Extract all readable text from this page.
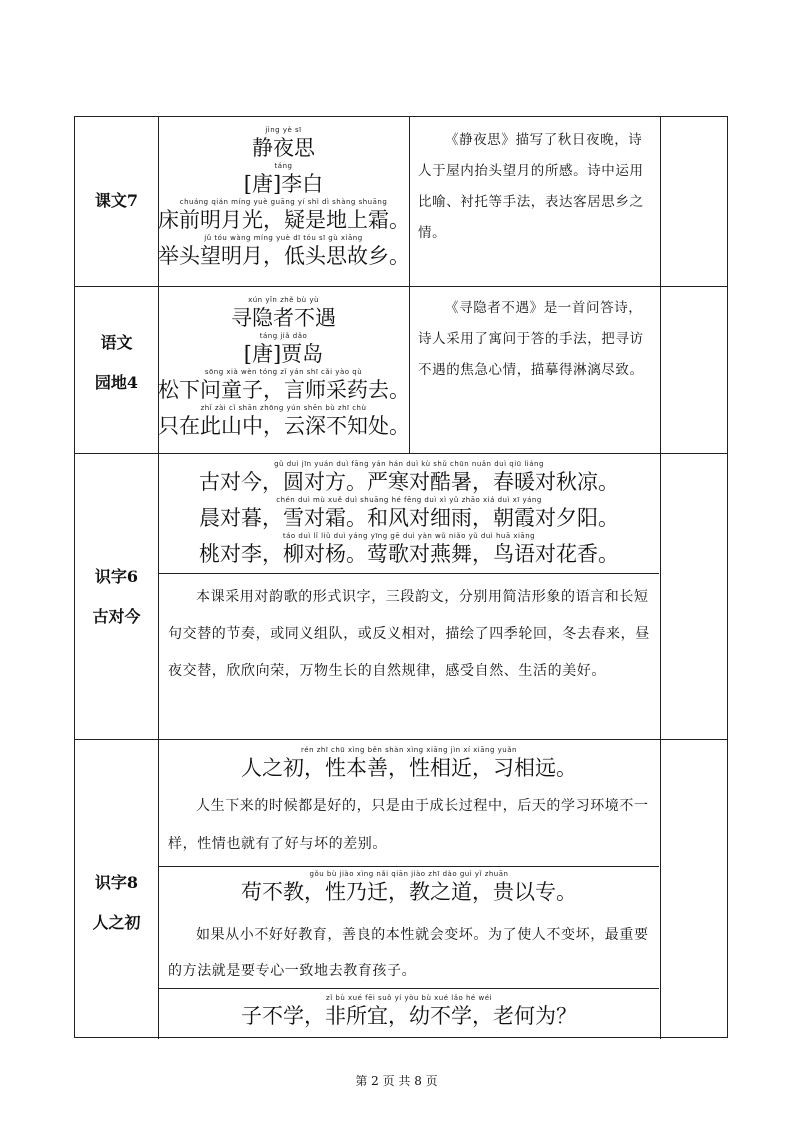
课文7
jìng yè sī
静夜思
táng
[唐]李白
chuáng qián míng yuè guāng yí shì dì shàng shuāng
床前明月光，疑是地上霜。
jǔ tóu wàng míng yuè dī tóu sī gù xiāng
举头望明月，低头思故乡。

《静夜思》描写了秋日夜晚，诗人于屋内抬头望月的所感。诗中运用比喻、衬托等手法，表达客居思乡之情。

语文
园地4
xún yǐn zhě bù yù
寻隐者不遇
táng jiǎ dǎo
[唐]贾岛
sōng xià wèn tóng zǐ yán shī cǎi yào qù
松下问童子，言师采药去。
zhǐ zài cǐ shān zhōng yún shēn bù zhī chù
只在此山中，云深不知处。

《寻隐者不遇》是一首问答诗，诗人采用了寓问于答的手法，把寻访不遇的焦急心情，描摹得淋漓尽致。

识字6
古对今
gǔ duì jīn yuán duì fāng yán hán duì kù shǔ chūn nuǎn duì qiū liáng
古对今，圆对方。严寒对酷暑，春暖对秋凉。
chén duì mù xuě duì shuāng hé fēng duì xì yǔ zhāo xiá duì xī yáng
晨对暮，雪对霜。和风对细雨，朝霞对夕阳。
táo duì lǐ liǔ duì yáng yīng gē duì yàn wǔ niǎo yǔ duì huā xiāng
桃对李，柳对杨。莺歌对燕舞，鸟语对花香。

本课采用对韵歌的形式识字，三段韵文，分别用简洁形象的语言和长短句交替的节奏，或同义组队，或反义相对，描绘了四季轮回，冬去春来，昼夜交替，欣欣向荣，万物生长的自然规律，感受自然、生活的美好。

识字8
人之初
rén zhī chū xìng běn shàn xìng xiāng jìn xí xiāng yuǎn
人之初，性本善，性相近，习相远。

人生下来的时候都是好的，只是由于成长过程中，后天的学习环境不一样，性情也就有了好与坏的差别。

gǒu bù jiào xìng nǎi qiān jiào zhī dào guì yǐ zhuān
苟不教，性乃迁，教之道，贵以专。

如果从小不好好教育，善良的本性就会变坏。为了使人不变坏，最重要的方法就是要专心一致地去教育孩子。

zǐ bù xué fēi suǒ yí yòu bù xué lǎo hé wéi
子不学，非所宜，幼不学，老何为？
第 2 页 共 8 页
